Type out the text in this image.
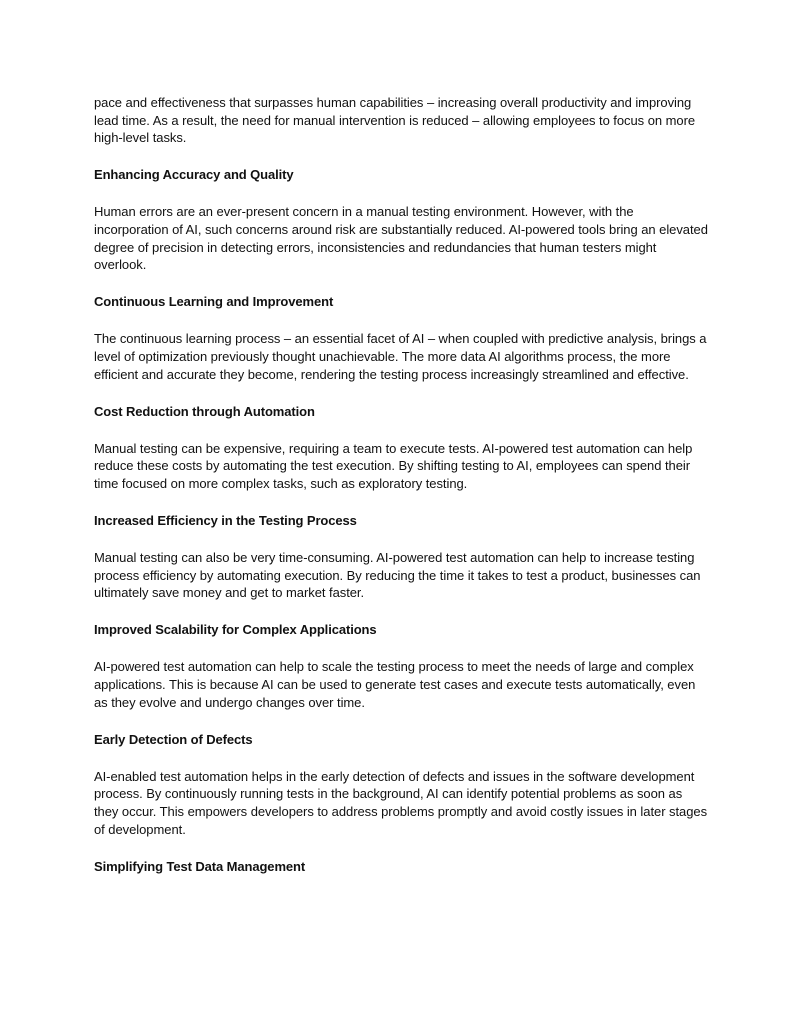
pace and effectiveness that surpasses human capabilities – increasing overall productivity and improving lead time. As a result, the need for manual intervention is reduced – allowing employees to focus on more high-level tasks.

Enhancing Accuracy and Quality

Human errors are an ever-present concern in a manual testing environment. However, with the incorporation of AI, such concerns around risk are substantially reduced. AI-powered tools bring an elevated degree of precision in detecting errors, inconsistencies and redundancies that human testers might overlook.

Continuous Learning and Improvement

The continuous learning process – an essential facet of AI – when coupled with predictive analysis, brings a level of optimization previously thought unachievable. The more data AI algorithms process, the more efficient and accurate they become, rendering the testing process increasingly streamlined and effective.

Cost Reduction through Automation

Manual testing can be expensive, requiring a team to execute tests. AI-powered test automation can help reduce these costs by automating the test execution. By shifting testing to AI, employees can spend their time focused on more complex tasks, such as exploratory testing.

Increased Efficiency in the Testing Process

Manual testing can also be very time-consuming. AI-powered test automation can help to increase testing process efficiency by automating execution. By reducing the time it takes to test a product, businesses can ultimately save money and get to market faster.

Improved Scalability for Complex Applications

AI-powered test automation can help to scale the testing process to meet the needs of large and complex applications. This is because AI can be used to generate test cases and execute tests automatically, even as they evolve and undergo changes over time.

Early Detection of Defects

AI-enabled test automation helps in the early detection of defects and issues in the software development process. By continuously running tests in the background, AI can identify potential problems as soon as they occur. This empowers developers to address problems promptly and avoid costly issues in later stages of development.

Simplifying Test Data Management
